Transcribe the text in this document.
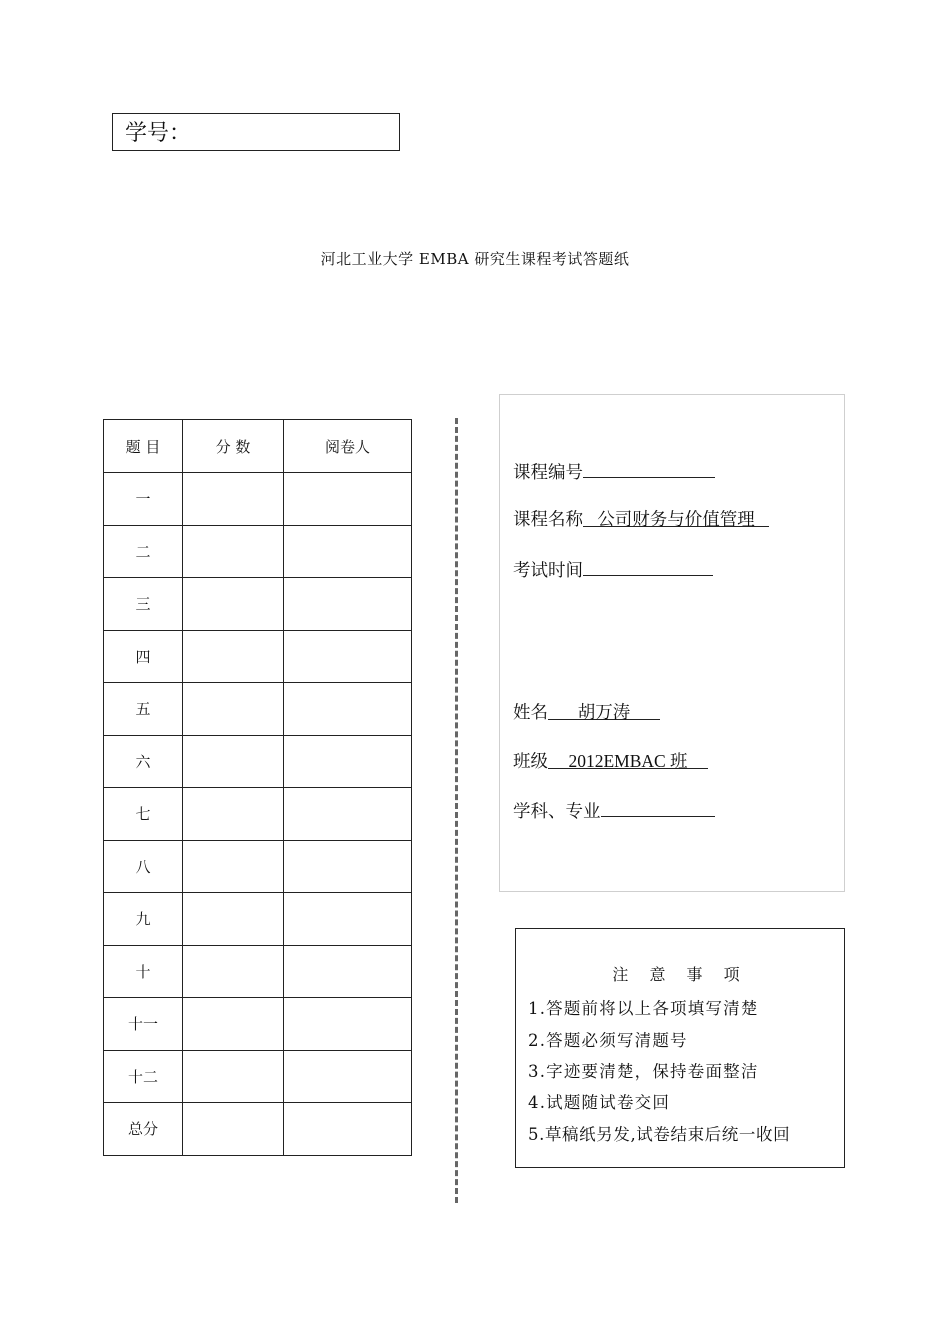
学号：
河北工业大学 EMBA 研究生课程考试答题纸
题 目	分 数	阅卷人
一		
二		
三		
四		
五		
六		
七		
八		
九		
十		
十一		
十二		
总分		
课程编号
课程名称 公司财务与价值管理
考试时间
姓名 胡万涛
班级 2012EMBAC 班
学科、专业
注 意 事 项
1.答题前将以上各项填写清楚
2.答题必须写清题号
3.字迹要清楚，保持卷面整洁
4.试题随试卷交回
5.草稿纸另发,试卷结束后统一收回
